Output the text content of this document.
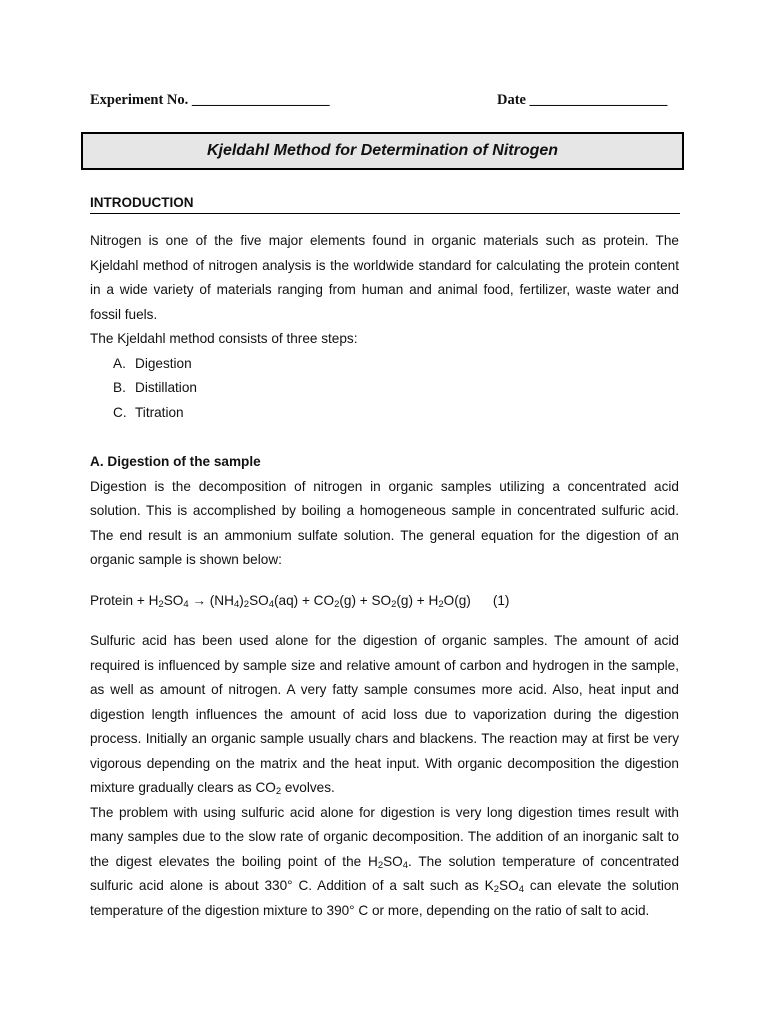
Experiment No. ___________________	Date ___________________
Kjeldahl Method for Determination of Nitrogen
INTRODUCTION

Nitrogen is one of the five major elements found in organic materials such as protein. The Kjeldahl method of nitrogen analysis is the worldwide standard for calculating the protein content in a wide variety of materials ranging from human and animal food, fertilizer, waste water and fossil fuels.

The Kjeldahl method consists of three steps:

A. Digestion
B. Distillation
C. Titration
A. Digestion of the sample

Digestion is the decomposition of nitrogen in organic samples utilizing a concentrated acid solution. This is accomplished by boiling a homogeneous sample in concentrated sulfuric acid. The end result is an ammonium sulfate solution. The general equation for the digestion of an organic sample is shown below:

Protein + $H_2SO_4 \to (NH_4)_2SO_4(aq) + CO_2(g) + SO_2(g) + H_2O(g)$ (1)

Sulfuric acid has been used alone for the digestion of organic samples. The amount of acid required is influenced by sample size and relative amount of carbon and hydrogen in the sample, as well as amount of nitrogen. A very fatty sample consumes more acid. Also, heat input and digestion length influences the amount of acid loss due to vaporization during the digestion process. Initially an organic sample usually chars and blackens. The reaction may at first be very vigorous depending on the matrix and the heat input. With organic decomposition the digestion mixture gradually clears as $CO_2$ evolves.

The problem with using sulfuric acid alone for digestion is very long digestion times result with many samples due to the slow rate of organic decomposition. The addition of an inorganic salt to the digest elevates the boiling point of the $H_2SO_4$. The solution temperature of concentrated sulfuric acid alone is about 330° C. Addition of a salt such as $K_2SO_4$ can elevate the solution temperature of the digestion mixture to 390° C or more, depending on the ratio of salt to acid.
